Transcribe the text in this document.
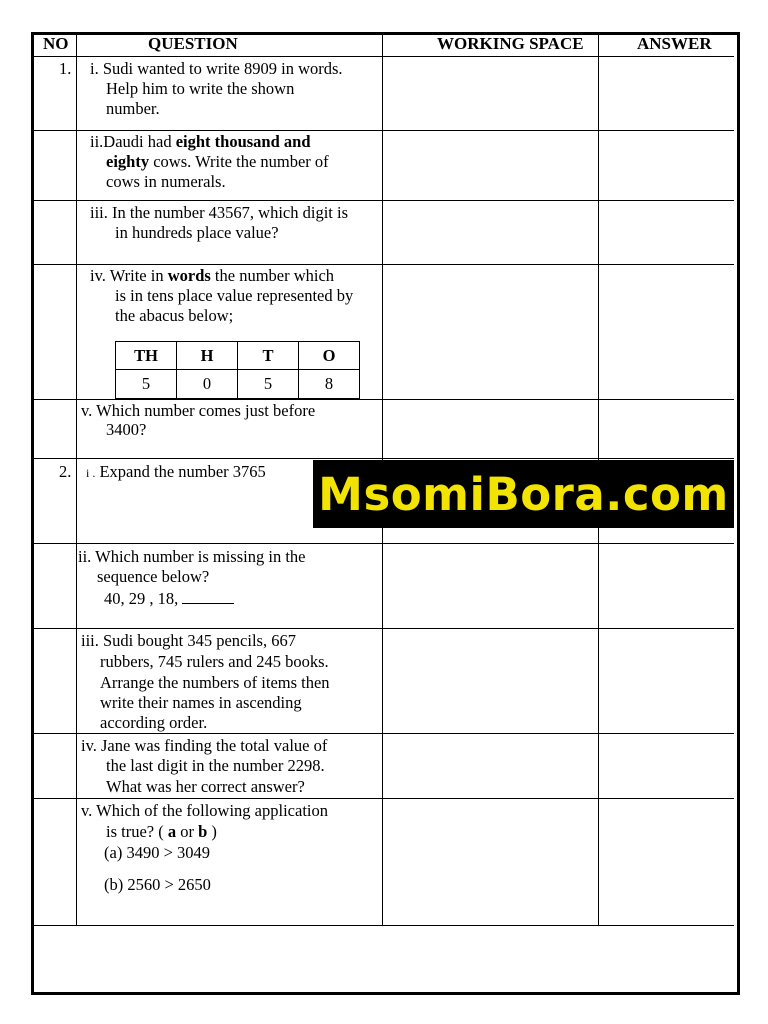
NO	QUESTION	WORKING SPACE	ANSWER
1. i. Sudi wanted to write 8909 in words.
Help him to write the shown
number.
ii.Daudi had eight thousand and
eighty cows. Write the number of
cows in numerals.
iii. In the number 43567, which digit is
in hundreds place value?
iv. Write in words the number which
is in tens place value represented by
the abacus below;
TH	H	T	O
5	0	5	8
v. Which number comes just before
3400?
2. i . Expand the number 3765 MsomiBora.com
ii. Which number is missing in the
sequence below?
40, 29 , 18,
iii. Sudi bought 345 pencils, 667
rubbers, 745 rulers and 245 books.
Arrange the numbers of items then
write their names in ascending
according order.
iv. Jane was finding the total value of
the last digit in the number 2298.
What was her correct answer?
v. Which of the following application
is true? ( a or b )
(a) 3490 > 3049
(b) 2560 > 2650
